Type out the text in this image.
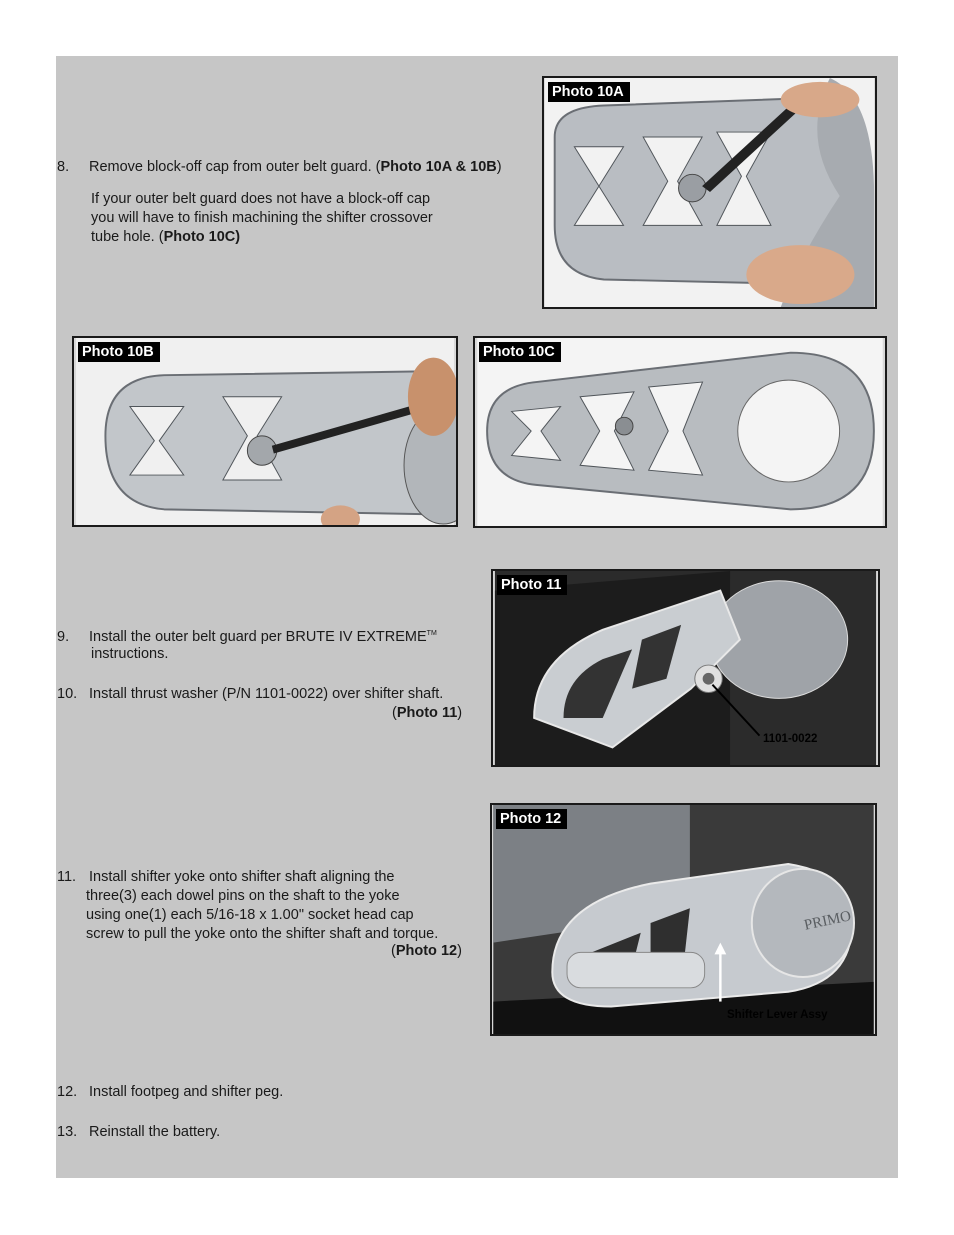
8. Remove block-off cap from outer belt guard. (Photo 10A & 10B)
If your outer belt guard does not have a block-off cap
you will have to finish machining the shifter crossover
tube hole. (Photo 10C)
9. Install the outer belt guard per BRUTE IV EXTREME™
instructions.
10. Install thrust washer (P/N 1101-0022) over shifter shaft.
(Photo 11)
11. Install shifter yoke onto shifter shaft aligning the
three(3) each dowel pins on the shaft to the yoke
using one(1) each 5/16-18 x 1.00" socket head cap
screw to pull the yoke onto the shifter shaft and torque.
(Photo 12)
12. Install footpeg and shifter peg.
13. Reinstall the battery.
Photo 10A
Photo 10B	Photo 10C
Photo 11
1101-0022
PRIMO
Photo 12
Shifter Lever Assy
